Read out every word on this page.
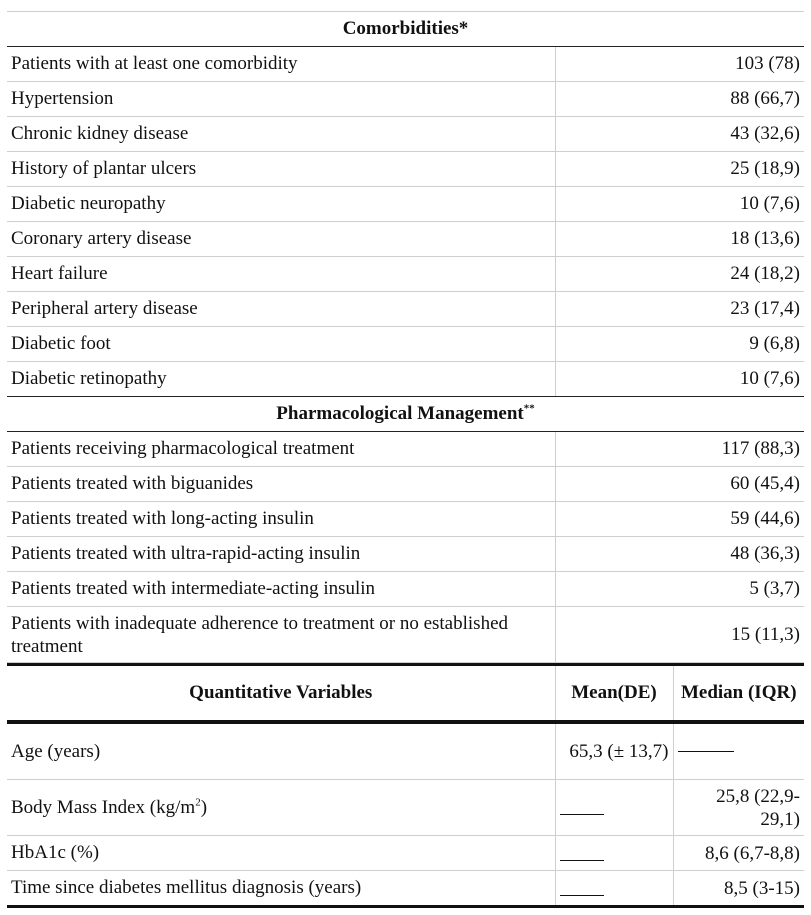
Comorbidities*	
Patients with at least one comorbidity	103 (78)
Hypertension	88 (66,7)
Chronic kidney disease	43 (32,6)
History of plantar ulcers	25 (18,9)
Diabetic neuropathy	10 (7,6)
Coronary artery disease	18 (13,6)
Heart failure	24 (18,2)
Peripheral artery disease	23 (17,4)
Diabetic foot	9 (6,8)
Diabetic retinopathy	10 (7,6)
Pharmacological Management**
Patients receiving pharmacological treatment	117 (88,3)
Patients treated with biguanides	60 (45,4)
Patients treated with long-acting insulin	59 (44,6)
Patients treated with ultra-rapid-acting insulin	48 (36,3)
Patients treated with intermediate-acting insulin	5 (3,7)
Patients with inadequate adherence to treatment or no established treatment	15 (11,3)
Quantitative Variables	Mean(DE)	Median (IQR)
Age (years)	65,3 (± 13,7)	

Body Mass Index $(kg/m^2)$		25,8 (22,9-29,1)
HbA1c (%)		8,6 (6,7-8,8)
Time since diabetes mellitus diagnosis (years)		8,5 (3-15)
